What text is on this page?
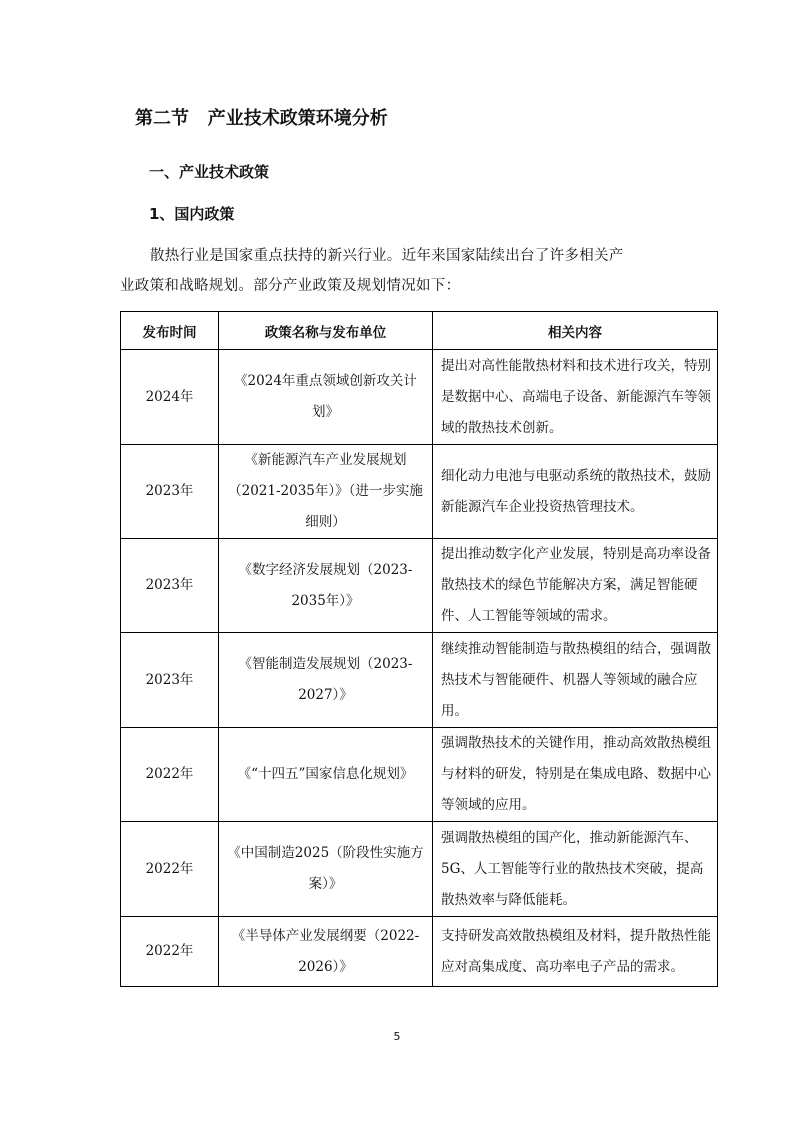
第二节   产业技术政策环境分析
一、产业技术政策
1、国内政策
散热行业是国家重点扶持的新兴行业。近年来国家陆续出台了许多相关产
业政策和战略规划。部分产业政策及规划情况如下：
发布时间	政策名称与发布单位	相关内容
2024年	《2024年重点领域创新攻关计划》	提出对高性能散热材料和技术进行攻关，特别是数据中心、高端电子设备、新能源汽车等领域的散热技术创新。
2023年	《新能源汽车产业发展规划（2021-2035年）》（进一步实施细则）	细化动力电池与电驱动系统的散热技术，鼓励新能源汽车企业投资热管理技术。
2023年	《数字经济发展规划（2023-2035年）》	提出推动数字化产业发展，特别是高功率设备散热技术的绿色节能解决方案，满足智能硬件、人工智能等领域的需求。
2023年	《智能制造发展规划（2023-2027）》	继续推动智能制造与散热模组的结合，强调散热技术与智能硬件、机器人等领域的融合应用。
2022年	《“十四五”国家信息化规划》	强调散热技术的关键作用，推动高效散热模组与材料的研发，特别是在集成电路、数据中心等领域的应用。
2022年	《中国制造2025（阶段性实施方案）》	强调散热模组的国产化，推动新能源汽车、5G、人工智能等行业的散热技术突破，提高散热效率与降低能耗。
2022年	《半导体产业发展纲要（2022-2026）》	支持研发高效散热模组及材料，提升散热性能应对高集成度、高功率电子产品的需求。
5
